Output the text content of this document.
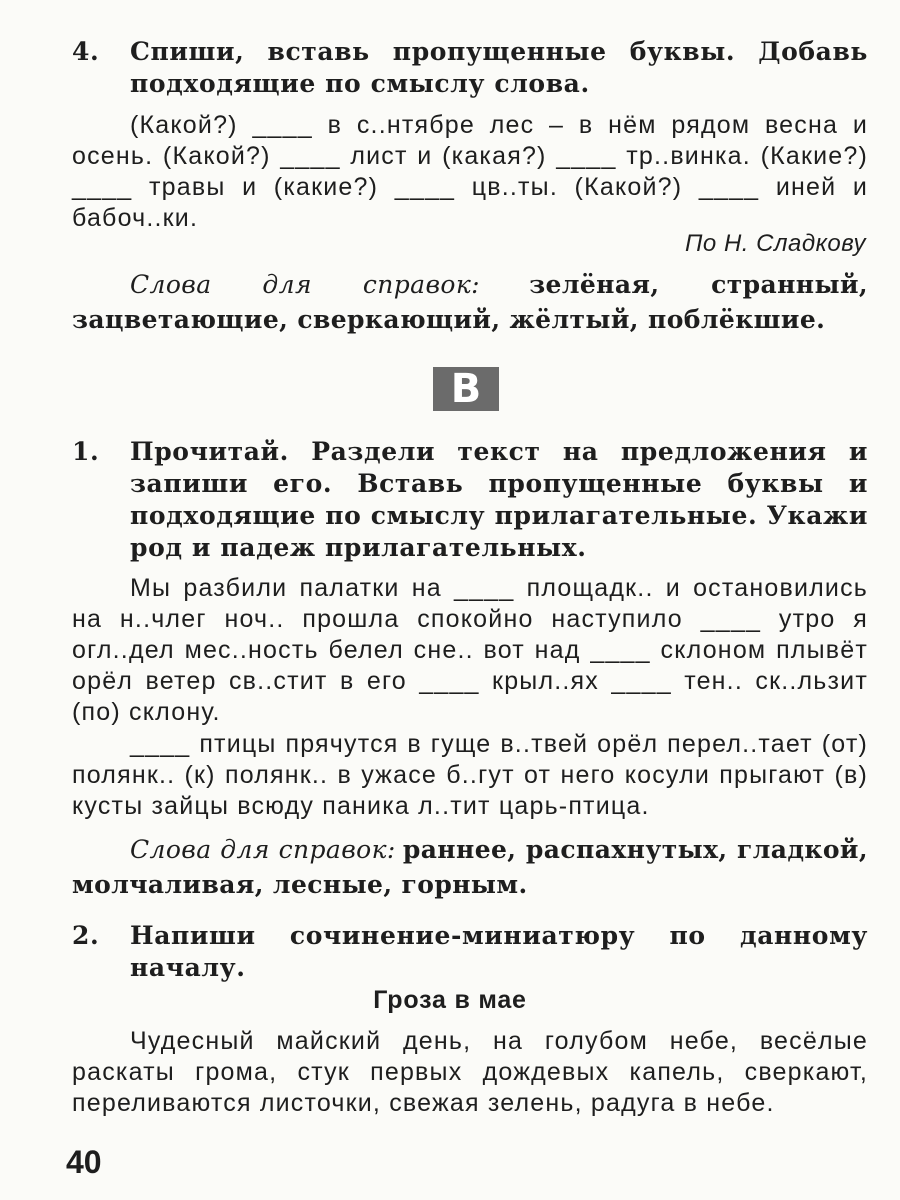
4. Спиши, вставь пропущенные буквы. Добавь подходящие по смыслу слова.
(Какой?) ____ в с..нтябре лес – в нём рядом весна и осень. (Какой?) ____ лист и (какая?) ____ тр..винка. (Какие?) ____ травы и (какие?) ____ цв..ты. (Какой?) ____ иней и бабоч..ки.
По Н. Сладкову
Слова для справок: зелёная, странный, зацветающие, сверкающий, жёлтый, поблёкшие.
B
1. Прочитай. Раздели текст на предложения и запиши его. Вставь пропущенные буквы и подходящие по смыслу прилагательные. Укажи род и падеж прилагательных.
Мы разбили палатки на ____ площадк.. и остановились на н..члег ноч.. прошла спокойно наступило ____ утро я огл..дел мес..ность белел сне.. вот над ____ склоном плывёт орёл ветер св..стит в его ____ крыл..ях ____ тен.. ск..льзит (по) склону.
____ птицы прячутся в гуще в..твей орёл перел..тает (от) полянк.. (к) полянк.. в ужасе б..гут от него косули прыгают (в) кусты зайцы всюду паника л..тит царь-птица.
Слова для справок: раннее, распахнутых, гладкой, молчаливая, лесные, горным.
2. Напиши сочинение-миниатюру по данному началу.
Гроза в мае
Чудесный майский день, на голубом небе, весёлые раскаты грома, стук первых дождевых капель, сверкают, переливаются листочки, свежая зелень, радуга в небе.
40
